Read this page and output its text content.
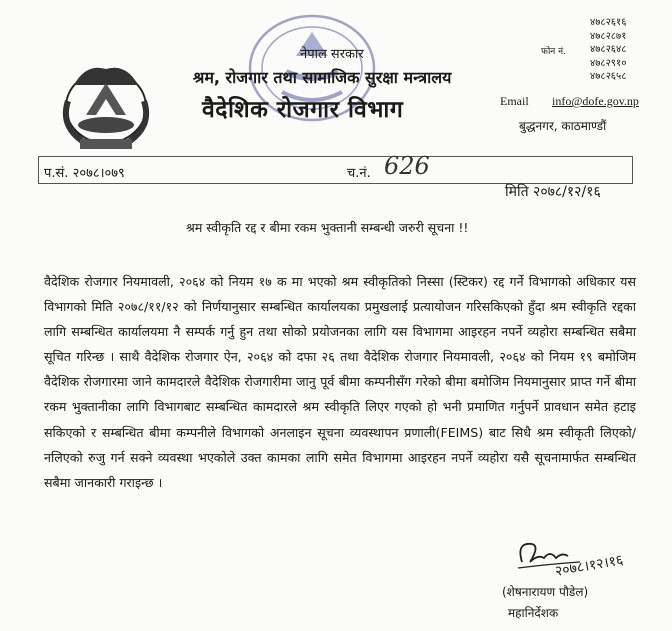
नेपाल सरकार
श्रम, रोजगार तथा सामाजिक सुरक्षा मन्त्रालय
वैदेशिक रोजगार विभाग
फोन नं.
४७८२६१६
४७८२८७१
४७८२६४८
४७८२९१०
४७८२६५८
Email info@dofe.gov.np
बुद्धनगर, काठमाण्डौं
प.सं. २०७८।०७९	च.नं. 626
मिति २०७८/१२/१६
श्रम स्वीकृति रद्द र बीमा रकम भुक्तानी सम्बन्धी जरुरी सूचना !!
वैदेशिक रोजगार नियमावली, २०६४ को नियम १७ क मा भएको श्रम स्वीकृतिको निस्सा (स्टिकर) रद्द गर्ने विभागको अधिकार यस विभागको मिति २०७८/११/१२ को निर्णयानुसार सम्बन्धित कार्यालयका प्रमुखलाई प्रत्यायोजन गरिसकिएको हुँदा श्रम स्वीकृति रद्दका लागि सम्बन्धित कार्यालयमा नै सम्पर्क गर्नु हुन तथा सोको प्रयोजनका लागि यस विभागमा आइरहन नपर्ने व्यहोरा सम्बन्धित सबैमा सूचित गरिन्छ । साथै वैदेशिक रोजगार ऐन, २०६४ को दफा २६ तथा वैदेशिक रोजगार नियमावली, २०६४ को नियम १९ बमोजिम वैदेशिक रोजगारमा जाने कामदारले वैदेशिक रोजगारीमा जानु पूर्व बीमा कम्पनीसँग गरेको बीमा बमोजिम नियमानुसार प्राप्त गर्ने बीमा रकम भुक्तानीका लागि विभागबाट सम्बन्धित कामदारले श्रम स्वीकृति लिएर गएको हो भनी प्रमाणित गर्नुपर्ने प्रावधान समेत हटाइ सकिएको र सम्बन्धित बीमा कम्पनीले विभागको अनलाइन सूचना व्यवस्थापन प्रणाली(FEIMS) बाट सिधै श्रम स्वीकृती लिएको/नलिएको रुजु गर्न सक्ने व्यवस्था भएकोले उक्त कामका लागि समेत विभागमा आइरहन नपर्ने व्यहोरा यसै सूचनामार्फत सम्बन्धित सबैमा जानकारी गराइन्छ ।
२०७८।१२।१६
(शेषनारायण पौडेल)
महानिर्देशक
